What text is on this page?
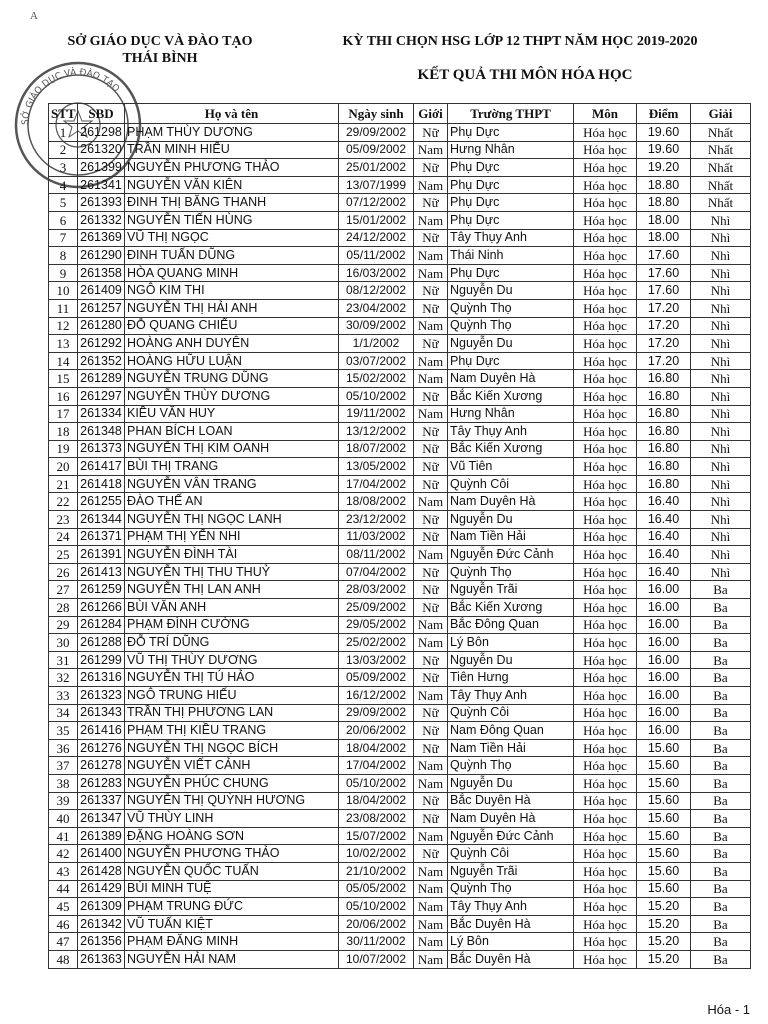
A
SỞ GIÁO DỤC VÀ ĐÀO TẠO
THÁI BÌNH
KỲ THI CHỌN HSG LỚP 12 THPT NĂM HỌC 2019-2020
KẾT QUẢ THI MÔN HÓA HỌC
SỞ GIÁO DỤC VÀ ĐÀO TẠO
STT	SBD	Họ và tên	Ngày sinh	Giới	Trường THPT	Môn	Điểm	Giải
1	261298	PHẠM THÙY DƯƠNG	29/09/2002	Nữ	Phụ Dực	Hóa học	19.60	Nhất
2	261320	TRẦN MINH HIẾU	05/09/2002	Nam	Hưng Nhân	Hóa học	19.60	Nhất
3	261399	NGUYỄN PHƯƠNG THẢO	25/01/2002	Nữ	Phụ Dực	Hóa học	19.20	Nhất
4	261341	NGUYỄN VĂN KIÊN	13/07/1999	Nam	Phụ Dực	Hóa học	18.80	Nhất
5	261393	ĐINH THỊ BĂNG THANH	07/12/2002	Nữ	Phụ Dực	Hóa học	18.80	Nhất
6	261332	NGUYỄN TIẾN HÙNG	15/01/2002	Nam	Phụ Dực	Hóa học	18.00	Nhì
7	261369	VŨ THỊ NGỌC	24/12/2002	Nữ	Tây Thụy Anh	Hóa học	18.00	Nhì
8	261290	ĐINH TUẤN DŨNG	05/11/2002	Nam	Thái Ninh	Hóa học	17.60	Nhì
9	261358	HÒA QUANG MINH	16/03/2002	Nam	Phụ Dực	Hóa học	17.60	Nhì
10	261409	NGÔ KIM THI	08/12/2002	Nữ	Nguyễn Du	Hóa học	17.60	Nhì
11	261257	NGUYỄN THỊ HẢI ANH	23/04/2002	Nữ	Quỳnh Thọ	Hóa học	17.20	Nhì
12	261280	ĐỖ QUANG CHIẾU	30/09/2002	Nam	Quỳnh Thọ	Hóa học	17.20	Nhì
13	261292	HOÀNG ANH DUYÊN	1/1/2002	Nữ	Nguyễn Du	Hóa học	17.20	Nhì
14	261352	HOÀNG HỮU LUẬN	03/07/2002	Nam	Phụ Dực	Hóa học	17.20	Nhì
15	261289	NGUYỄN TRUNG DŨNG	15/02/2002	Nam	Nam Duyên Hà	Hóa học	16.80	Nhì
16	261297	NGUYỄN THÙY DƯƠNG	05/10/2002	Nữ	Bắc Kiến Xương	Hóa học	16.80	Nhì
17	261334	KIỀU VĂN HUY	19/11/2002	Nam	Hưng Nhân	Hóa học	16.80	Nhì
18	261348	PHAN BÍCH LOAN	13/12/2002	Nữ	Tây Thụy Anh	Hóa học	16.80	Nhì
19	261373	NGUYỄN THỊ KIM OANH	18/07/2002	Nữ	Bắc Kiến Xương	Hóa học	16.80	Nhì
20	261417	BÙI THỊ TRANG	13/05/2002	Nữ	Vũ Tiên	Hóa học	16.80	Nhì
21	261418	NGUYỄN VÂN TRANG	17/04/2002	Nữ	Quỳnh Côi	Hóa học	16.80	Nhì
22	261255	ĐÀO THẾ AN	18/08/2002	Nam	Nam Duyên Hà	Hóa học	16.40	Nhì
23	261344	NGUYỄN THỊ NGỌC LANH	23/12/2002	Nữ	Nguyễn Du	Hóa học	16.40	Nhì
24	261371	PHẠM THỊ YẾN NHI	11/03/2002	Nữ	Nam Tiền Hải	Hóa học	16.40	Nhì
25	261391	NGUYỄN ĐÌNH TÀI	08/11/2002	Nam	Nguyễn Đức Cảnh	Hóa học	16.40	Nhì
26	261413	NGUYỄN THỊ THU THUỶ	07/04/2002	Nữ	Quỳnh Thọ	Hóa học	16.40	Nhì
27	261259	NGUYỄN THỊ LAN ANH	28/03/2002	Nữ	Nguyễn Trãi	Hóa học	16.00	Ba
28	261266	BÙI VĂN ANH	25/09/2002	Nữ	Bắc Kiến Xương	Hóa học	16.00	Ba
29	261284	PHẠM ĐÌNH CƯỜNG	29/05/2002	Nam	Bắc Đông Quan	Hóa học	16.00	Ba
30	261288	ĐỖ TRÍ DŨNG	25/02/2002	Nam	Lý Bôn	Hóa học	16.00	Ba
31	261299	VŨ THỊ THÙY DƯƠNG	13/03/2002	Nữ	Nguyễn Du	Hóa học	16.00	Ba
32	261316	NGUYỄN THỊ TÚ HẢO	05/09/2002	Nữ	Tiên Hưng	Hóa học	16.00	Ba
33	261323	NGÔ TRUNG HIẾU	16/12/2002	Nam	Tây Thụy Anh	Hóa học	16.00	Ba
34	261343	TRẦN THỊ PHƯƠNG LAN	29/09/2002	Nữ	Quỳnh Côi	Hóa học	16.00	Ba
35	261416	PHẠM THỊ KIỀU TRANG	20/06/2002	Nữ	Nam Đông Quan	Hóa học	16.00	Ba
36	261276	NGUYỄN THỊ NGỌC BÍCH	18/04/2002	Nữ	Nam Tiền Hải	Hóa học	15.60	Ba
37	261278	NGUYỄN VIẾT CẢNH	17/04/2002	Nam	Quỳnh Thọ	Hóa học	15.60	Ba
38	261283	NGUYỄN PHÚC CHUNG	05/10/2002	Nam	Nguyễn Du	Hóa học	15.60	Ba
39	261337	NGUYỄN THỊ QUỲNH HƯƠNG	18/04/2002	Nữ	Bắc Duyên Hà	Hóa học	15.60	Ba
40	261347	VŨ THÙY LINH	23/08/2002	Nữ	Nam Duyên Hà	Hóa học	15.60	Ba
41	261389	ĐẶNG HOÀNG SƠN	15/07/2002	Nam	Nguyễn Đức Cảnh	Hóa học	15.60	Ba
42	261400	NGUYỄN PHƯƠNG THẢO	10/02/2002	Nữ	Quỳnh Côi	Hóa học	15.60	Ba
43	261428	NGUYỄN QUỐC TUẤN	21/10/2002	Nam	Nguyễn Trãi	Hóa học	15.60	Ba
44	261429	BÙI MINH TUỆ	05/05/2002	Nam	Quỳnh Thọ	Hóa học	15.60	Ba
45	261309	PHẠM TRUNG ĐỨC	05/10/2002	Nam	Tây Thụy Anh	Hóa học	15.20	Ba
46	261342	VŨ TUẤN KIỆT	20/06/2002	Nam	Bắc Duyên Hà	Hóa học	15.20	Ba
47	261356	PHẠM ĐĂNG MINH	30/11/2002	Nam	Lý Bôn	Hóa học	15.20	Ba
48	261363	NGUYỄN HẢI NAM	10/07/2002	Nam	Bắc Duyên Hà	Hóa học	15.20	Ba
Hóa - 1
